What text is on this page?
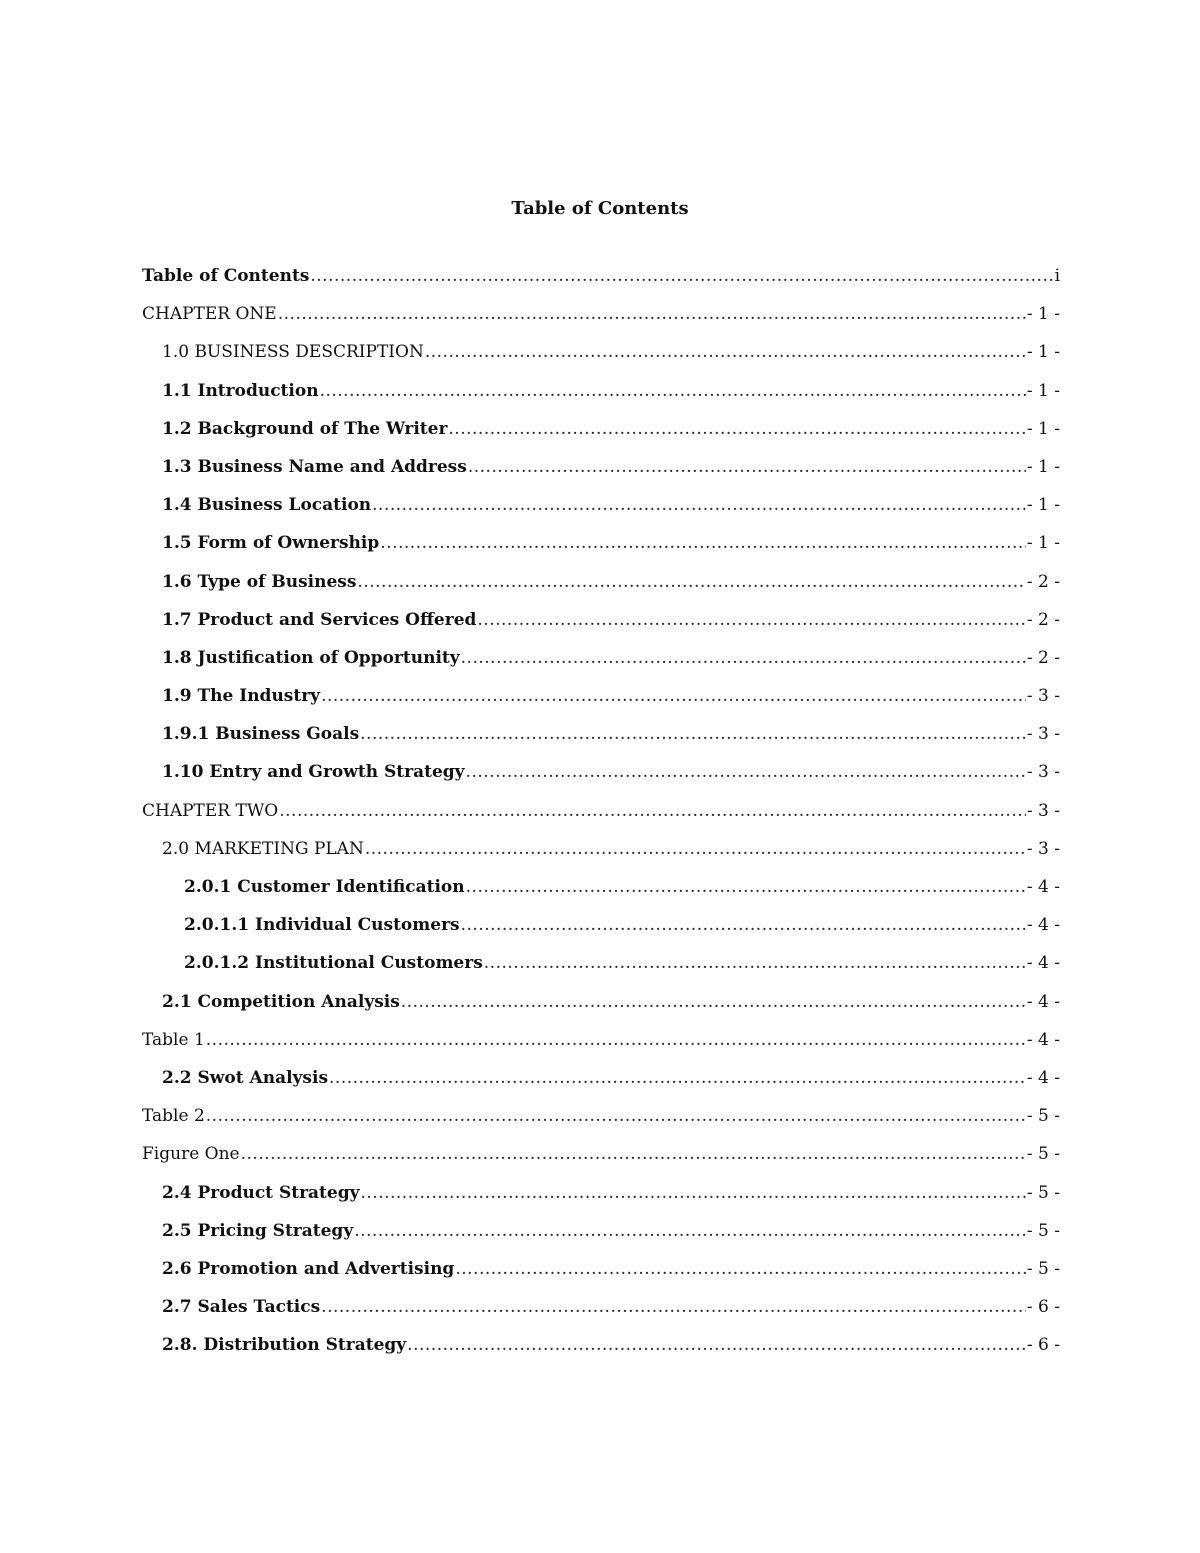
Table of Contents
Table of Contents .....	i
CHAPTER ONE .....	- 1 -
1.0 BUSINESS DESCRIPTION .....	- 1 -
1.1 Introduction .....	- 1 -
1.2 Background of The Writer .....	- 1 -
1.3 Business Name and Address .....	- 1 -
1.4 Business Location .....	- 1 -
1.5 Form of Ownership .....	- 1 -
1.6 Type of Business .....	- 2 -
1.7 Product and Services Offered .....	- 2 -
1.8 Justification of Opportunity .....	- 2 -
1.9 The Industry .....	- 3 -
1.9.1 Business Goals .....	- 3 -
1.10 Entry and Growth Strategy .....	- 3 -
CHAPTER TWO .....	- 3 -
2.0 MARKETING PLAN .....	- 3 -
2.0.1 Customer Identification .....	- 4 -
2.0.1.1 Individual Customers .....	- 4 -
2.0.1.2 Institutional Customers .....	- 4 -
2.1 Competition Analysis .....	- 4 -
Table 1 .....	- 4 -
2.2 Swot Analysis .....	- 4 -
Table 2 .....	- 5 -
Figure One .....	- 5 -
2.4 Product Strategy .....	- 5 -
2.5 Pricing Strategy .....	- 5 -
2.6 Promotion and Advertising .....	- 5 -
2.7 Sales Tactics .....	- 6 -
2.8. Distribution Strategy .....	- 6 -
